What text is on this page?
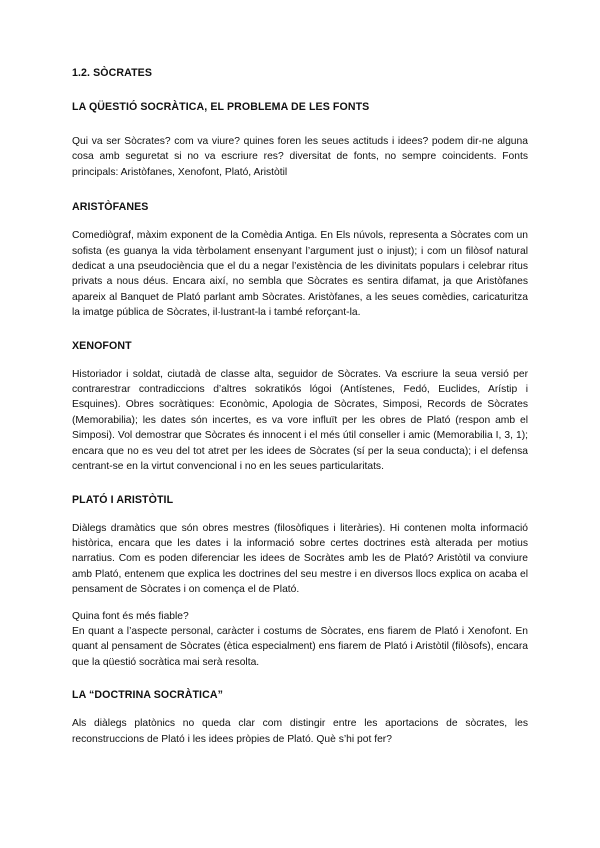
1.2. SÒCRATES
LA QÜESTIÓ SOCRÀTICA, EL PROBLEMA DE LES FONTS

Qui va ser Sòcrates? com va viure? quines foren les seues actituds i idees? podem dir-ne alguna cosa amb seguretat si no va escriure res? diversitat de fonts, no sempre coincidents. Fonts principals: Aristòfanes, Xenofont, Plató, Aristòtil

ARISTÒFANES

Comediògraf, màxim exponent de la Comèdia Antiga. En Els núvols, representa a Sòcrates com un sofista (es guanya la vida tèrbolament ensenyant l’argument just o injust); i com un filòsof natural dedicat a una pseudociència que el du a negar l’existència de les divinitats populars i celebrar ritus privats a nous déus. Encara així, no sembla que Sòcrates es sentira difamat, ja que Aristòfanes apareix al Banquet de Plató parlant amb Sòcrates. Aristòfanes, a les seues comèdies, caricaturitza la imatge pública de Sòcrates, il·lustrant-la i també reforçant-la.

XENOFONT

Historiador i soldat, ciutadà de classe alta, seguidor de Sòcrates. Va escriure la seua versió per contrarestrar contradiccions d’altres sokratikós lógoi (Antístenes, Fedó, Euclides, Arístip i Esquines). Obres socràtiques: Econòmic, Apologia de Sòcrates, Simposi, Records de Sòcrates (Memorabilia); les dates són incertes, es va vore influït per les obres de Plató (respon amb el Simposi). Vol demostrar que Sòcrates és innocent i el més útil conseller i amic (Memorabilia I, 3, 1); encara que no es veu del tot atret per les idees de Sòcrates (sí per la seua conducta); i el defensa centrant-se en la virtut convencional i no en les seues particularitats.

PLATÓ I ARISTÒTIL

Diàlegs dramàtics que són obres mestres (filosòfiques i literàries). Hi contenen molta informació històrica, encara que les dates i la informació sobre certes doctrines està alterada per motius narratius. Com es poden diferenciar les idees de Socràtes amb les de Plató? Aristòtil va conviure amb Plató, entenem que explica les doctrines del seu mestre i en diversos llocs explica on acaba el pensament de Sòcrates i on comença el de Plató.

Quina font és més fiable?

En quant a l’aspecte personal, caràcter i costums de Sòcrates, ens fiarem de Plató i Xenofont. En quant al pensament de Sòcrates (ètica especialment) ens fiarem de Plató i Aristòtil (filòsofs), encara que la qüestió socràtica mai serà resolta.

LA “DOCTRINA SOCRÀTICA”

Als diàlegs platònics no queda clar com distingir entre les aportacions de sòcrates, les reconstruccions de Plató i les idees pròpies de Plató. Què s’hi pot fer?
